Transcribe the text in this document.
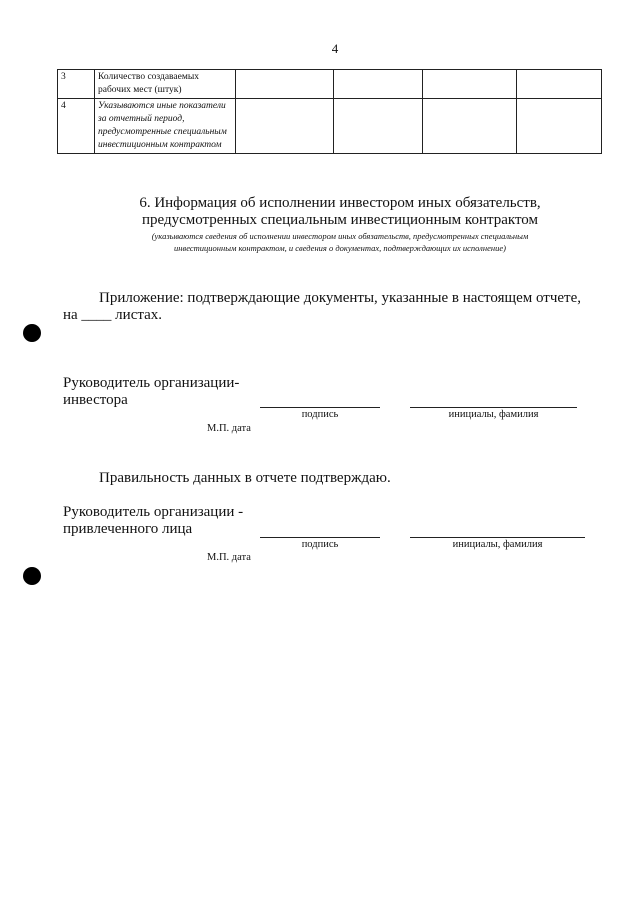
4
3	Количество создаваемых рабочих мест (штук)				
4	Указываются иные показатели за отчетный период, предусмотренные специальным инвестиционным контрактом				
6. Информация об исполнении инвестором иных обязательств,
предусмотренных специальным инвестиционным контрактом
(указываются сведения об исполнении инвестором иных обязательств, предусмотренных специальным
инвестиционным контрактом, и сведения о документах, подтверждающих их исполнение)
Приложение: подтверждающие документы, указанные в настоящем отчете,
на ____ листах.
Руководитель организации-
инвестора
подпись	инициалы, фамилия
М.П. дата
Правильность данных в отчете подтверждаю.
Руководитель организации -
привлеченного лица
подпись	инициалы, фамилия
М.П. дата
